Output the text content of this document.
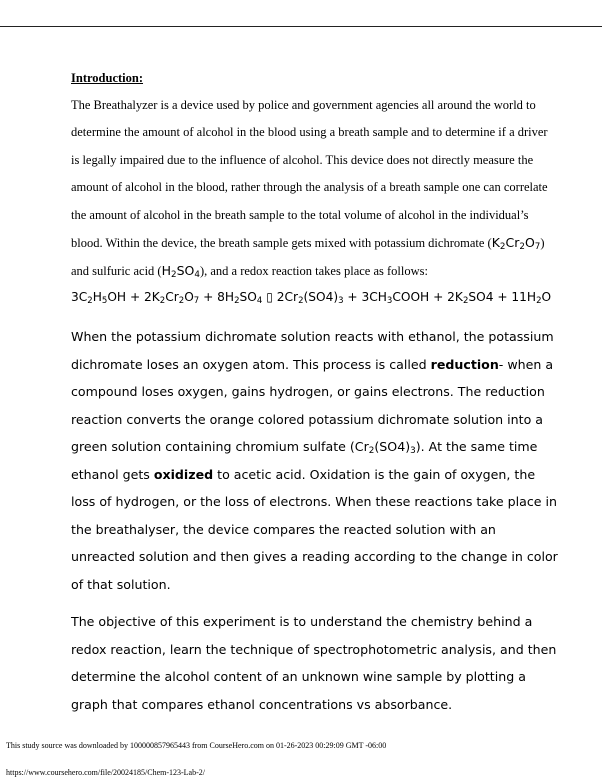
Introduction:
The Breathalyzer is a device used by police and government agencies all around the world to
determine the amount of alcohol in the blood using a breath sample and to determine if a driver
is legally impaired due to the influence of alcohol. This device does not directly measure the
amount of alcohol in the blood, rather through the analysis of a breath sample one can correlate
the amount of alcohol in the breath sample to the total volume of alcohol in the individual’s
blood. Within the device, the breath sample gets mixed with potassium dichromate $(K_2Cr_2O_7)$
and sulfuric acid $(H_2SO_4)$, and a redox reaction takes place as follows:
$3C_2H_5OH + 2K_2Cr_2O_7 + 8H_2SO_4$ ▯ $2Cr_2(SO4)_3$ + $3CH_3COOH + 2K_2SO4 + 11H_2O$
When the potassium dichromate solution reacts with ethanol, the potassium
dichromate loses an oxygen atom. This process is called reduction- when a
compound loses oxygen, gains hydrogen, or gains electrons. The reduction
reaction converts the orange colored potassium dichromate solution into a
green solution containing chromium sulfate $(Cr_2(SO4)_3)$. At the same time
ethanol gets oxidized to acetic acid. Oxidation is the gain of oxygen, the
loss of hydrogen, or the loss of electrons. When these reactions take place in
the breathalyser, the device compares the reacted solution with an
unreacted solution and then gives a reading according to the change in color
of that solution.
The objective of this experiment is to understand the chemistry behind a
redox reaction, learn the technique of spectrophotometric analysis, and then
determine the alcohol content of an unknown wine sample by plotting a
graph that compares ethanol concentrations vs absorbance.
This study source was downloaded by 100000857965443 from CourseHero.com on 01-26-2023 00:29:09 GMT -06:00
https://www.coursehero.com/file/20024185/Chem-123-Lab-2/
